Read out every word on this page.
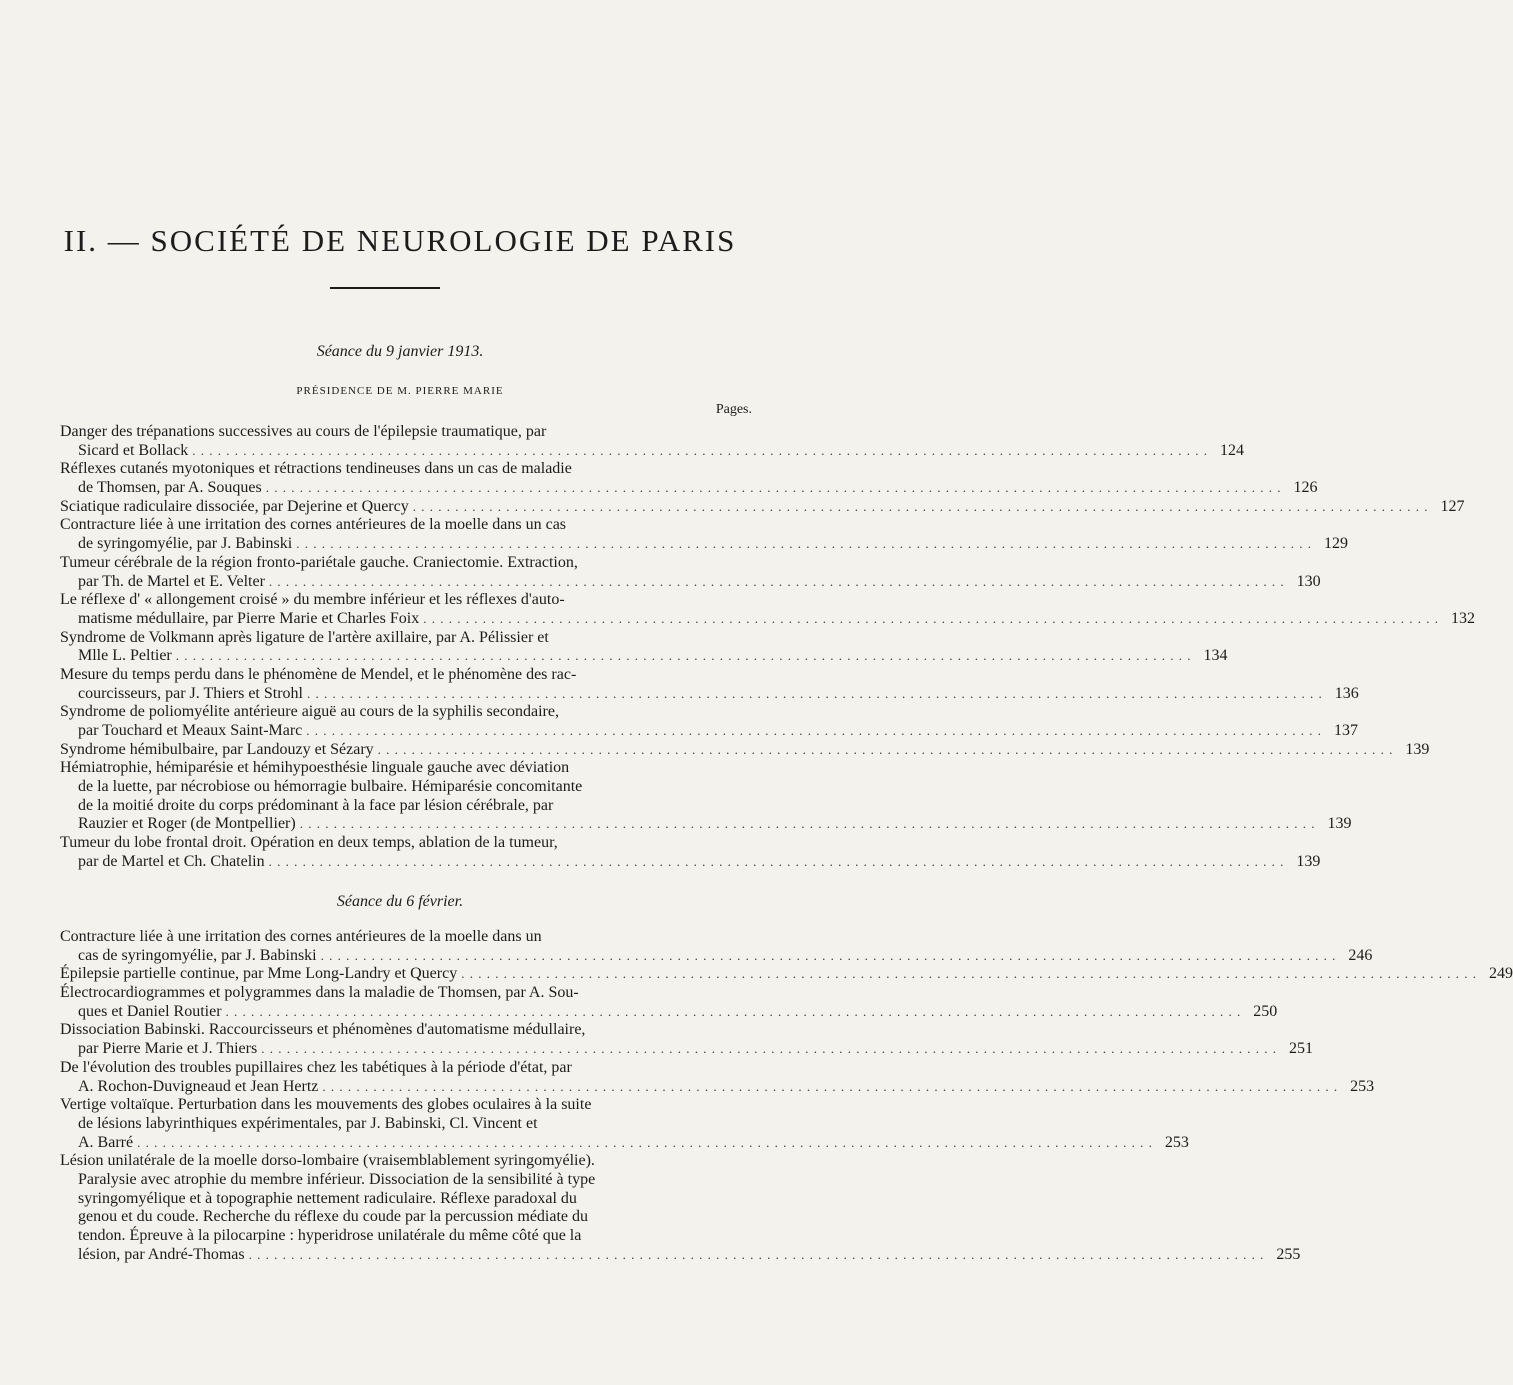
II. — SOCIÉTÉ DE NEUROLOGIE DE PARIS
Séance du 9 janvier 1913.
PRÉSIDENCE DE M. PIERRE MARIE
Pages.
Danger des trépanations successives au cours de l'épilepsie traumatique, par
Sicard et Bollack . . . . . . . . . . . . . . . . . . . . . . . . . . . . . . . . . . . . . . . . . . . . . . . . . . . . . . . . . . . . . . . . . . . . . . . . . . . . . . . . . . . . . . . . . . . . . . . . . . . . . . . . . . . . . . . . . . . . . . . . 124
Réflexes cutanés myotoniques et rétractions tendineuses dans un cas de maladie
de Thomsen, par A. Souques . . . . . . . . . . . . . . . . . . . . . . . . . . . . . . . . . . . . . . . . . . . . . . . . . . . . . . . . . . . . . . . . . . . . . . . . . . . . . . . . . . . . . . . . . . . . . . . . . . . . . . . . . . . . . . . . . . . . . . . . 126
Sciatique radiculaire dissociée, par Dejerine et Quercy . . . . . . . . . . . . . . . . . . . . . . . . . . . . . . . . . . . . . . . . . . . . . . . . . . . . . . . . . . . . . . . . . . . . . . . . . . . . . . . . . . . . . . . . . . . . . . . . . . . . . . . . . . . . . . . . . . . . . . . . 127
Contracture liée à une irritation des cornes antérieures de la moelle dans un cas
de syringomyélie, par J. Babinski . . . . . . . . . . . . . . . . . . . . . . . . . . . . . . . . . . . . . . . . . . . . . . . . . . . . . . . . . . . . . . . . . . . . . . . . . . . . . . . . . . . . . . . . . . . . . . . . . . . . . . . . . . . . . . . . . . . . . . . . 129
Tumeur cérébrale de la région fronto-pariétale gauche. Craniectomie. Extraction,
par Th. de Martel et E. Velter . . . . . . . . . . . . . . . . . . . . . . . . . . . . . . . . . . . . . . . . . . . . . . . . . . . . . . . . . . . . . . . . . . . . . . . . . . . . . . . . . . . . . . . . . . . . . . . . . . . . . . . . . . . . . . . . . . . . . . . . 130
Le réflexe d' « allongement croisé » du membre inférieur et les réflexes d'auto-
matisme médullaire, par Pierre Marie et Charles Foix . . . . . . . . . . . . . . . . . . . . . . . . . . . . . . . . . . . . . . . . . . . . . . . . . . . . . . . . . . . . . . . . . . . . . . . . . . . . . . . . . . . . . . . . . . . . . . . . . . . . . . . . . . . . . . . . . . . . . . . . 132
Syndrome de Volkmann après ligature de l'artère axillaire, par A. Pélissier et
Mlle L. Peltier . . . . . . . . . . . . . . . . . . . . . . . . . . . . . . . . . . . . . . . . . . . . . . . . . . . . . . . . . . . . . . . . . . . . . . . . . . . . . . . . . . . . . . . . . . . . . . . . . . . . . . . . . . . . . . . . . . . . . . . . 134
Mesure du temps perdu dans le phénomène de Mendel, et le phénomène des rac-
courcisseurs, par J. Thiers et Strohl . . . . . . . . . . . . . . . . . . . . . . . . . . . . . . . . . . . . . . . . . . . . . . . . . . . . . . . . . . . . . . . . . . . . . . . . . . . . . . . . . . . . . . . . . . . . . . . . . . . . . . . . . . . . . . . . . . . . . . . . 136
Syndrome de poliomyélite antérieure aiguë au cours de la syphilis secondaire,
par Touchard et Meaux Saint-Marc . . . . . . . . . . . . . . . . . . . . . . . . . . . . . . . . . . . . . . . . . . . . . . . . . . . . . . . . . . . . . . . . . . . . . . . . . . . . . . . . . . . . . . . . . . . . . . . . . . . . . . . . . . . . . . . . . . . . . . . . 137
Syndrome hémibulbaire, par Landouzy et Sézary . . . . . . . . . . . . . . . . . . . . . . . . . . . . . . . . . . . . . . . . . . . . . . . . . . . . . . . . . . . . . . . . . . . . . . . . . . . . . . . . . . . . . . . . . . . . . . . . . . . . . . . . . . . . . . . . . . . . . . . . 139
Hémiatrophie, hémiparésie et hémihypoesthésie linguale gauche avec déviation
de la luette, par nécrobiose ou hémorragie bulbaire. Hémiparésie concomitante
de la moitié droite du corps prédominant à la face par lésion cérébrale, par
Rauzier et Roger (de Montpellier) . . . . . . . . . . . . . . . . . . . . . . . . . . . . . . . . . . . . . . . . . . . . . . . . . . . . . . . . . . . . . . . . . . . . . . . . . . . . . . . . . . . . . . . . . . . . . . . . . . . . . . . . . . . . . . . . . . . . . . . . 139
Tumeur du lobe frontal droit. Opération en deux temps, ablation de la tumeur,
par de Martel et Ch. Chatelin . . . . . . . . . . . . . . . . . . . . . . . . . . . . . . . . . . . . . . . . . . . . . . . . . . . . . . . . . . . . . . . . . . . . . . . . . . . . . . . . . . . . . . . . . . . . . . . . . . . . . . . . . . . . . . . . . . . . . . . . 139
Séance du 6 février.
Contracture liée à une irritation des cornes antérieures de la moelle dans un
cas de syringomyélie, par J. Babinski . . . . . . . . . . . . . . . . . . . . . . . . . . . . . . . . . . . . . . . . . . . . . . . . . . . . . . . . . . . . . . . . . . . . . . . . . . . . . . . . . . . . . . . . . . . . . . . . . . . . . . . . . . . . . . . . . . . . . . . . 246
Épilepsie partielle continue, par Mme Long-Landry et Quercy . . . . . . . . . . . . . . . . . . . . . . . . . . . . . . . . . . . . . . . . . . . . . . . . . . . . . . . . . . . . . . . . . . . . . . . . . . . . . . . . . . . . . . . . . . . . . . . . . . . . . . . . . . . . . . . . . . . . . . . . 249
Électrocardiogrammes et polygrammes dans la maladie de Thomsen, par A. Sou-
ques et Daniel Routier . . . . . . . . . . . . . . . . . . . . . . . . . . . . . . . . . . . . . . . . . . . . . . . . . . . . . . . . . . . . . . . . . . . . . . . . . . . . . . . . . . . . . . . . . . . . . . . . . . . . . . . . . . . . . . . . . . . . . . . . 250
Dissociation Babinski. Raccourcisseurs et phénomènes d'automatisme médullaire,
par Pierre Marie et J. Thiers . . . . . . . . . . . . . . . . . . . . . . . . . . . . . . . . . . . . . . . . . . . . . . . . . . . . . . . . . . . . . . . . . . . . . . . . . . . . . . . . . . . . . . . . . . . . . . . . . . . . . . . . . . . . . . . . . . . . . . . . 251
De l'évolution des troubles pupillaires chez les tabétiques à la période d'état, par
A. Rochon-Duvigneaud et Jean Hertz . . . . . . . . . . . . . . . . . . . . . . . . . . . . . . . . . . . . . . . . . . . . . . . . . . . . . . . . . . . . . . . . . . . . . . . . . . . . . . . . . . . . . . . . . . . . . . . . . . . . . . . . . . . . . . . . . . . . . . . . 253
Vertige voltaïque. Perturbation dans les mouvements des globes oculaires à la suite
de lésions labyrinthiques expérimentales, par J. Babinski, Cl. Vincent et
A. Barré . . . . . . . . . . . . . . . . . . . . . . . . . . . . . . . . . . . . . . . . . . . . . . . . . . . . . . . . . . . . . . . . . . . . . . . . . . . . . . . . . . . . . . . . . . . . . . . . . . . . . . . . . . . . . . . . . . . . . . . . 253
Lésion unilatérale de la moelle dorso-lombaire (vraisemblablement syringomyélie).
Paralysie avec atrophie du membre inférieur. Dissociation de la sensibilité à type
syringomyélique et à topographie nettement radiculaire. Réflexe paradoxal du
genou et du coude. Recherche du réflexe du coude par la percussion médiate du
tendon. Épreuve à la pilocarpine : hyperidrose unilatérale du même côté que la
lésion, par André-Thomas . . . . . . . . . . . . . . . . . . . . . . . . . . . . . . . . . . . . . . . . . . . . . . . . . . . . . . . . . . . . . . . . . . . . . . . . . . . . . . . . . . . . . . . . . . . . . . . . . . . . . . . . . . . . . . . . . . . . . . . . 255
